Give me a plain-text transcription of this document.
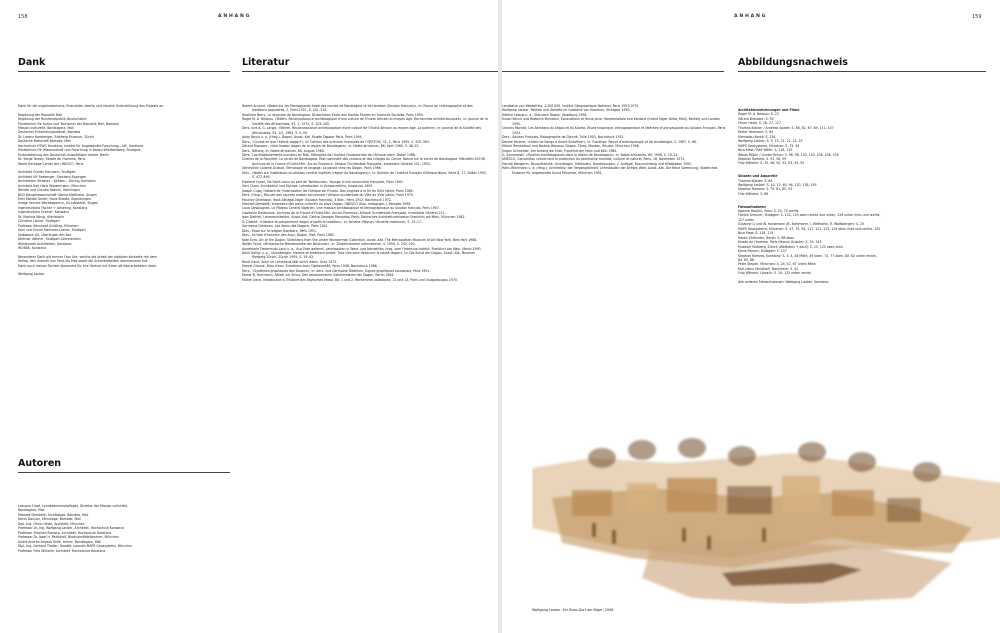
158	ANHANG
Dank	Literatur

Dank für die organisatorische, finanzielle, ideelle und visuelle Unterstützung des Projekts an:

Regierung der Republik Mali

Regierung der Bundesrepublik Deutschland

Ministerium für Kultur und Tourismus der Republik Mali, Bamako

Mission culturelle, Bandiagara, Mali

Deutscher Entwicklungsdienst, Bamako

Dr. Lorenz Homberger, Rietberg Museum, Zürich

Deutsche Botschaft Bamako, Mali

Hochschule HTWG Konstanz, Institut für Angewandte Forschung – IAF, Konstanz

Ministerium für Wissenschaft und Forschung in Baden-Württemberg, Stuttgart

Kulturabteilung des Deutschen Auswärtigen Amtes, Berlin

Dr. Serge Tornay, Musée de l'homme, Paris

World Heritage Center der UNESCO, Paris

Architekt Günter Hermann, Stuttgart

Architekt Ulf Seeberger, Steckard-Eppingen

Architekten Strasser – Kithsen – Düring, Konstanz

Architekt Karl Hans Wassermann, München

Renate und Claudio Rossini, Überlingen

BGO Baugenossenschaft Oberschleißheim, Singen

Emil Steidle GmbH, Hans Steidle, Sigmaringen

Image Service Werbeagentur, Uli Lobsteidt, Singen

Ingenieurbüro Fischer + Leisering, Konstanz

Ingenieurbüro Greiner, Konstanz

Dr. Martina König, Allensbach

Christina Lacher, Stuttgart

Professor Bernhard Schilling, München

Axel und Ursula Stemmer-Lacher, Stuttgart

Volksbank eG, Überlingen am See

Dietmar Vollmer, Stuttgart-Sommerhain

Wüstenrote Architekten, Konstanz

WOBAK, Konstanz

Besonderer Dank gilt meiner Frau Ute, welche die Arbeit der digitalen Kontakte mit dem

Verlag, den Autoren von Paris bis Mali sowie die Schreibarbeiten übernommen hat.

Dank auch meiner Tochter Alexandra für ihre Geduld mit ihrem oft überarbeiteten Vater.

Wolfgang Lauber

Autoren

Lassana Cissé, Landesdenkmalpfleger, Direktor der Mission culturelle,

Bandiagara, Mali

Mamadi Dembélé, Archäologe, Bamako, Mali

Denis Douyon, Ethnologe, Bamako, Mali

Dipl.-Ing. Oliver Heise, Architekt, München

Professor Dr.-Ing. Wolfgang Lauber, Architekt, Hochschule Konstanz

Professor Stephan Romero, Architekt, Hochschule Konstanz

Professor Dr. Josef H. Reichholf, Biodiversitätsforscher, München

André Andréa Seydou Kelié, Lehrer, Bandiagara, Mali

Dipl.-Ing. Gerhard Thaller, Geodät, vormals MAPS Geosystems, München

Professor Fritz Wilhelm, Architekt, Hochschule Konstanz

Robert Arnaud, »Notes sur les Montagnards Habé des cercles de Bandiagara et de Hombori (Soudan français)«, in: Revue de l'ethnographie et des traditions populaires, 2, Paris 1921, S. 241–314.

Ibrahima Barry, Le royaume de Bandiagara, Dissertation École des Hautes Études en Sciences Sociales, Paris 1993.

Roger M. A. Bedaux, »Tellem. Reconnaissance archéologique d'une culture de l'Ouest Africain au moyen âge. Recherches architectoniques«, in: Journal de la Société des Africanistes, 42, 2, 1972, S. 103–185.

Ders. und A. G. Lange, »Tellem. Reconnaissance archéologique d'une culture de l'Ouest Africain au moyen âge. La poterie«, in: Journal de la Société des Africanistes, 53, 1/2, 1983, S. 5–59.

Jacky Bouju u. a. (Hrsg.), Dogon, Ausst.-Kat. Musée Dapper Paris, Paris 1994.

Ders., »Qu'est-ce que l'ethnie dogon?«, in: Cahiers des sciences humaines de l'ORSTOM, 31, 2, Paris 1995, S. 329–363.

Gérard Brasseur, »Une maison dogon de la région de Bandiagara«, in: Notes africaines, 86, April 1960, S. 48–52.

Ders., Bétong, in: Notes africaines, 86, August 1960.

Ders., Les établissements humains au Mali. Mémoires de l'Institut Fondamental de l'Afrique noire, Dakar 1968.

Charles de la Roncière, Le cercle de Bandiagara. État nominatif des cantons et des villages du Cercle. Notice sur le cercle de Bandiagara, Mikrofilm 200 Mi, Archives de la France d'Outre-Mer, Aix-en-Provence. Afrique Occidentale Française, Inventaire Général 201, 1903.

Geneviève Calame-Griaule, Ethnologie et langage. La parole chez les Dogon, Paris 1966.

Dies., »Notes sur l'habitation du plateau central nigérien (région de Bandiagara)«, in: Bulletin de l'Institut Français d'Afrique Noire, Série B, 17, Dakar 1955, S. 477–499.

Edmond Caron, De Saint-Louis au port de Tombouctou. Voyage d'une canonnière française, Paris 1891.

Gert Chesi, Architektur und Mythos. Lehmbauten in Schwarzafrika, Innsbruck 1995.

Joseph Cuoq, Histoire de l'islamisation de l'Afrique de l'Ouest. Des origines à la fin du XVIe siècle, Paris 1984.

Ders. (Hrsg.), Recueil des sources arabes concernant l'Afrique occidentale du VIIIe au XVIe siècle, Paris 1975.

Maurice Delafosse, Haut-Sénégal-Niger (Soudan français). 3 Bde., Paris 1912, Nachdruck 1972.

Mamadi Dembélé, Inventaire des biens culturels au pays Dogon, UNESCO (Doc. mitograph.), Bamako 1996.

Louis Desplagnes, Le Plateau Central Nigérien. Une mission archéologique et ethnographique au Soudan français, Paris 1907.

Capitaine Destenave, Archives de la France d'Outre-Mer, Aix-en-Provence, Afrique Occidentale Française, Inventaire Général 211.

Jean Dethier, Lehmarchitektur, Ausst.-Kat. Centre Georges Pompidou Paris; Deutsches Architekturmuseum Frankfurt am Main, München 1982.

D. Diakité, »Histoire du peuplement dogon d'après la tradition«, in: Jamana (Revue Culturelle malienne), S. 15–17.

Germaine Dieterlen, Les âmes des Dogons, Paris 1941.

Dies., Essai sur la religion Bambara, Paris 1951.

Dies., Le titre d'honneur des Arou, Dogon, Mali, Paris 1982.

Kate Ezra, Art of the Dogon. Selections from the Lester Wunderman Collection, Ausst.-Kat. The Metropolitan Museum of Art New York, New York 1988.

Walter Fend, »Afrikanische Meisterwerke der Baukunst«, in: Ziegelindustrie international, 4, 1994, S. 242–250.

Annemarie Fiedermutz-Laun u. a., Aus Erde geformt. Lehmbauten in West- und Nordafrika, hrsg. vom Frobenius-Institut, Frankfurt am Main, Mainz 1990.

Alain Gallay u. a., »Archéologie, histoire et traditions orales. Trois clés pour découvrir le passé dogon«, in: Die Kunst der Dogon, Ausst.-Kat. Museum Rietberg Zürich, Zürich 1995, S. 19–43.

René Gardi, Auch im Lehmhaus läßt sich's leben, Graz 1973.

Marcel Griaule, Dieu d'eau. Entretiens avec Ogotemmêli, Paris 1948, Nachdruck 1966.

Ders., »Systèmes graphiques des Dogons«, in: ders. und Germaine Dieterlen, Signes graphiques soudanais, Paris 1951.

Dieter B. Herrmann, Rätsel um Sirius. Das astronomische Geheimwissen der Dogon, Berlin 1994.

Michel Izard, Introduction à l'histoire des Royaumes Mossi, Bd. 1 und 2, Recherches voltaïques, 12 und 13, Paris und Ouagadougou 1970.

ANHANG	159

Landkarte von Westafrika, 1:200 000, Institut Géographique National, Paris 1957/1970.

Wolfgang Lauber, Paläste und Gehöfte im Grasland von Kamerun, Stuttgart 1990.

Hélène Leloup u. a., Statuaire Dogon, Straßburg 1994.

Susan Kench und Roderick McIntosh, Excavations at Jenne-Jeno, Hambarketolo and Kaniana (Inland Niger Delta, Mali), Berkely und London 1995.

Charles Monteil, Les Bambara du Ségou et du Kaarta. Étude historique, ethnographique et littéraire d'une peuplade du Soudan Français, Paris 1924.

Ders., Soudan Français. Monographie de Djenné, Tulle 1903, Nachdruck 1932.

Denise Paulme, »Lettre de Sanga à André Schaffner«, in: Gradhiva. Revue d'anthropologie et de muséologie, 2, 1987, S. 66.

Michel Renaudeau und Nadine Wanono, Dogon. Titres, Masken, Rituale, München 1998.

Jürgen Schneider, Am Anfang die Erde, Frankfurt am Main und Köln 1985.

G. Szumowski, »Fouilles archéologiques dans la région de Bandiagara«, in: Notes africaines, 69, 1956, S. 19–22.

UNESCO, Convention concernant la protection du patrimoine mondial, culturel et naturel, Paris, 16. November 1972.

Gernot Wangerin, Bauaufnahme, Grundlagen, Methoden, Darstellungen, 2. Auflage, Braunschweig und Wiesbaden 1992.

Hans Wichmann u. a. (Hrsg.), Architektur der Vergänglichkeit. Lehmbauten der Dritten Welt, Ausst.-Kat. Die Neue Sammlung, Staatliches Museum für angewandte Kunst München, München 1981.

Abbildungsnachweis

Architekturzeichnungen und Pläne

Roger M. A. Bedaux: S. 22

Gérard Brasseur: S. 90

Oliver Heise, S. 26, 27, 117

Thomas Klotzer / Andreas Spaett: S. 58, 82, 87, 89, 111, 147

Dieter Hermann: S. 64

Mamadou Konté: S. 154

Wolfgang Lauber: S. 9, 19, 21, 22, 24, 25

MAPS Geosystems, München: S. 75, 94

Nico Mast / Ralf Weith: S. 118, 119

Tobias Müller / Gunter Braun: S. 96, 98, 102, 103, 106, 108, 109

Stephan Romero: S. 52, 56, 59

Fritz Wilhelm: S. 35, 46, 50, 52, 53, 54, 55

Skizzen und Aquarelle

Thomas Klotzer: S. 84

Wolfgang Lauber: S. 10, 12, 60, 96, 120, 138, 159

Stephan Romero: S. 79, 81, 85, 93

Fritz Wilhelm: S. 66

Fotoaufnahmen

Agence HoaQui, Paris: S. 25, 70 rechts

Florian Greuner, Stuttgart: S. 124, 125 oben rechts und unten, 126 unten links und rechts,

127 unten

Susanne Li und W. Horstmann (B. Kammerer, I. Wettstein, R. Wolfsberger): S. 25

MAPS Geosystems, München: S. 47, 75, 94, 117, 121, 122, 124 oben links und rechts, 145

Nico Mast: S. 118, 119

Martin Eblénuter, Berlin: S. 68 oben

Musée de l'homme, Paris (Marcel Griaule): S. 29, 143

Museum Rietberg, Zürich (Wettstein + Kauf): S. 25, 125 oben links

Klaus Paysan, Stuttgart: S. 157

Stephan Romero, Konstanz: S. 3, 4, 28 Mitte, 49 oben, 72, 77 oben, 80, 82 unten rechts,

84, 85, 88

Peter Stepan, München: S. 24, 42, 67 unten Mitte

Karl-Heinz Strüdhoff, Mannheim: S. 42

Fritz Wilhelm, Lörrach: S. 29, 133 unten rechts

Alle anderen Fotoaufnahmen: Wolfgang Lauber, Konstanz

Wolfgang Lauber, Ein Bozo-Dorf am Niger, 2008
